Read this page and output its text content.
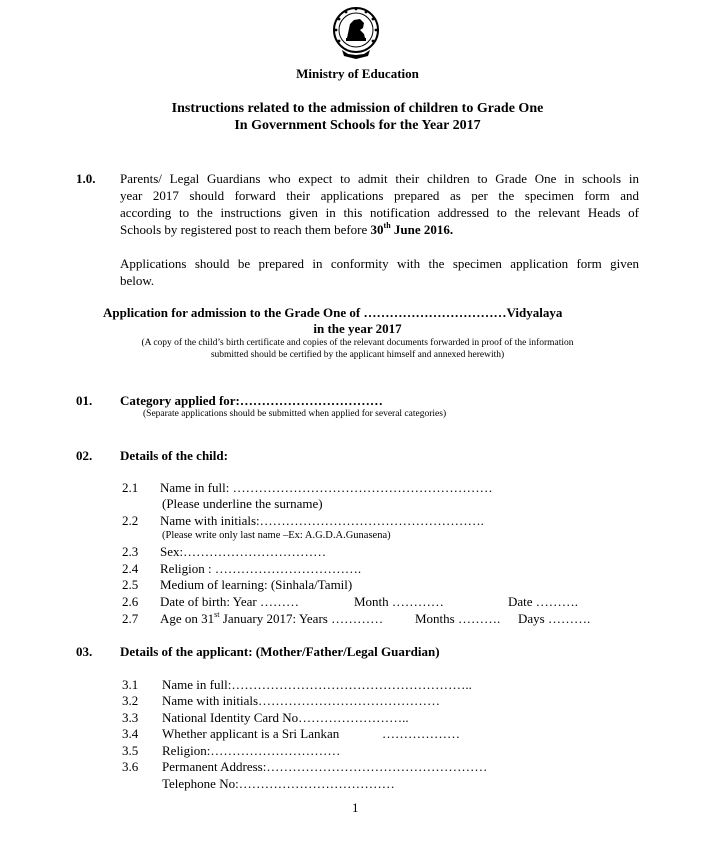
Ministry of Education
Instructions related to the admission of children to Grade One
In Government Schools for the Year 2017
1.0. Parents/ Legal Guardians who expect to admit their children to Grade One in schools in
year 2017 should forward their applications prepared as per the specimen form and
according to the instructions given in this notification addressed to the relevant Heads of
Schools by registered post to reach them before 30th June 2016.
Applications should be prepared in conformity with the specimen application form given
below.
Application for admission to the Grade One of ……………………………Vidyalaya
in the year 2017
(A copy of the child’s birth certificate and copies of the relevant documents forwarded in proof of the information
submitted should be certified by the applicant himself and annexed herewith)
01. Category applied for:……………………………
(Separate applications should be submitted when applied for several categories)
02. Details of the child:
2.1 Name in full: ……………………………………………………
(Please underline the surname)
2.2 Name with initials:…………………………………………….
(Please write only last name –Ex: A.G.D.A.Gunasena)
2.3 Sex:……………………………
2.4 Religion : …………………………….
2.5 Medium of learning: (Sinhala/Tamil)
2.6 Date of birth: Year ………	Month …………	Date ……….
2.7 Age on 31st January 2017: Years ………… Months ………. Days ……….
03. Details of the applicant: (Mother/Father/Legal Guardian)
3.1 Name in full:………………………………………………..
3.2 Name with initials……………………………………
3.3 National Identity Card No……………………..
3.4 Whether applicant is a Sri Lankan	………………
3.5 Religion:…………………………
3.6 Permanent Address:……………………………………………
Telephone No:………………………………
1
